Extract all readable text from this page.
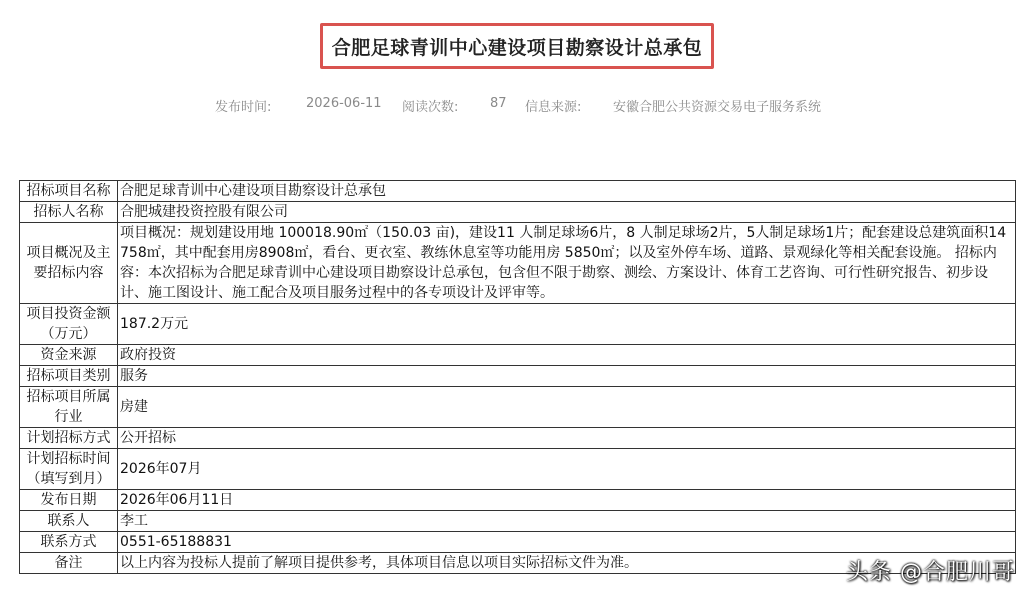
合肥足球青训中心建设项目勘察设计总承包
发布时间:	2026-06-11 阅读次数: 87 信息来源: 安徽合肥公共资源交易电子服务系统
招标项目名称	合肥足球青训中心建设项目勘察设计总承包
招标人名称	合肥城建投资控股有限公司
项目概况及主要招标内容	项目概况：规划建设用地 100018.90㎡（150.03 亩)，建设11 人制足球场6片，8 人制足球场2片，5人制足球场1片；配套建设总建筑面积14758㎡，其中配套用房8908㎡，看台、更衣室、教练休息室等功能用房 5850㎡；以及室外停车场、道路、景观绿化等相关配套设施。 招标内容：本次招标为合肥足球青训中心建设项目勘察设计总承包，包含但不限于勘察、测绘、方案设计、体育工艺咨询、可行性研究报告、初步设计、施工图设计、施工配合及项目服务过程中的各专项设计及评审等。
项目投资金额（万元）	187.2万元
资金来源	政府投资
招标项目类别	服务
招标项目所属行业	房建
计划招标方式	公开招标
计划招标时间（填写到月）	2026年07月
发布日期	2026年06月11日
联系人	李工
联系方式	0551-65188831
备注	以上内容为投标人提前了解项目提供参考，具体项目信息以项目实际招标文件为准。	头条 @合肥川哥
